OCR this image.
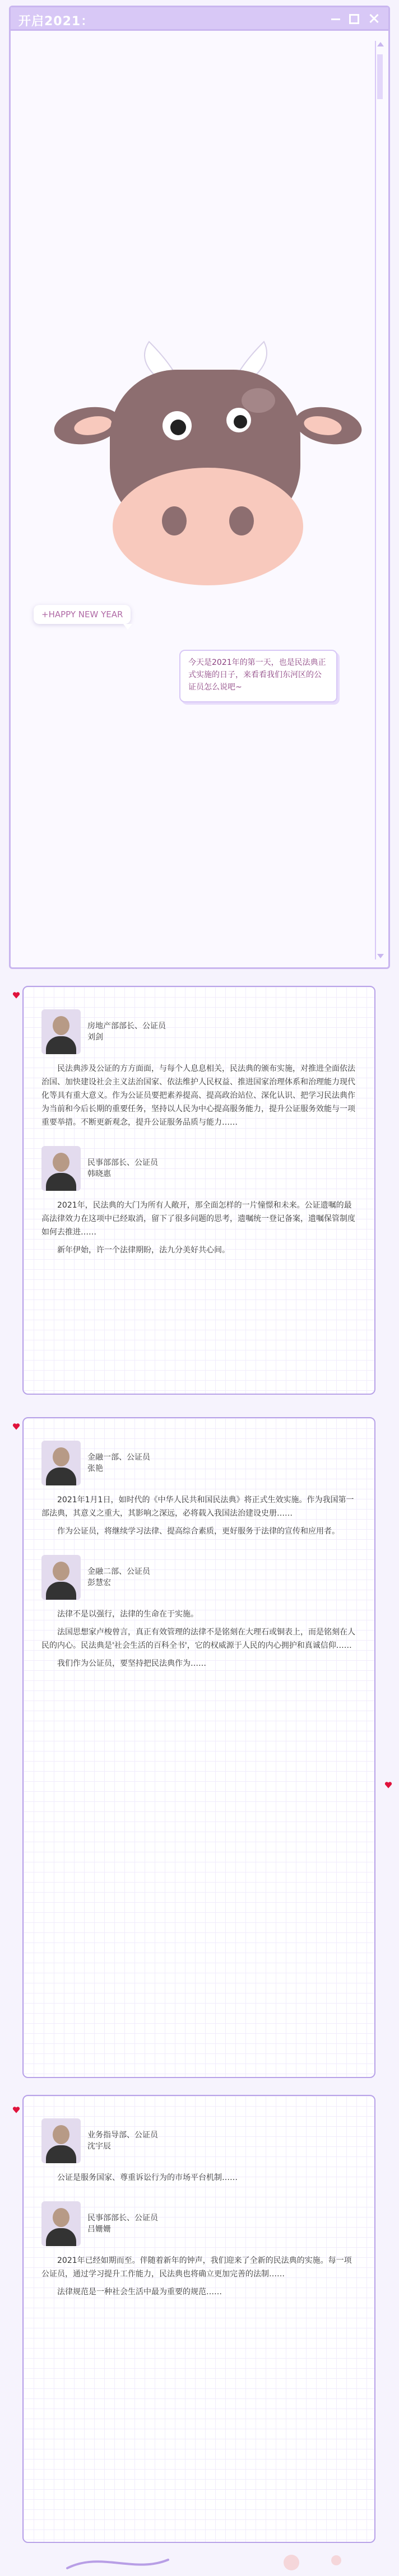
开启2021：
+HAPPY NEW YEAR
今天是2021年的第一天，也是民法典正式实施的日子，来看看我们东河区的公证员怎么说吧~
房地产部部长、公证员
刘剑

民法典涉及公证的方方面面，与每个人息息相关，民法典的颁布实施，对推进全面依法治国、加快建设社会主义法治国家、依法维护人民权益、推进国家治理体系和治理能力现代化等具有重大意义。作为公证员要把素养提高、提高政治站位、深化认识、把学习民法典作为当前和今后长期的重要任务，坚持以人民为中心提高服务能力，提升公证服务效能与一项重要举措。不断更新观念，提升公证服务品质与能力……

民事部部长、公证员
韩晓惠

2021年，民法典的大门为所有人敞开，那全面怎样的一片憧憬和未来。公证遗嘱的最高法律效力在这项中已经取消，留下了很多问题的思考，遗嘱统一登记备案，遗嘱保管制度如何去推进……

新年伊始，许一个法律期盼，法九分美好共心间。

金融一部、公证员
张艳

2021年1月1日，如时代的《中华人民共和国民法典》将正式生效实施。作为我国第一部法典，其意义之重大，其影响之深远，必将载入我国法治建设史册……

作为公证员，将继续学习法律、提高综合素质，更好服务于法律的宣传和应用者。

金融二部、公证员
彭慧宏

法律不是以强行，法律的生命在于实施。

法国思想家卢梭曾言，真正有效管理的法律不是铭刻在大理石或铜表上，而是铭刻在人民的内心。民法典是'社会生活的百科全书'，它的权威源于人民的内心拥护和真诚信仰……

我们作为公证员，要坚持把民法典作为……

业务指导部、公证员
沈宇辰

公证是服务国家、尊重诉讼行为的市场平台机制……

民事部部长、公证员
吕姗姗

2021年已经如期而至。伴随着新年的钟声，我们迎来了全新的民法典的实施。每一项公证员，通过学习提升工作能力，民法典也将确立更加完善的法制……

法律规范是一种社会生活中最为重要的规范……
